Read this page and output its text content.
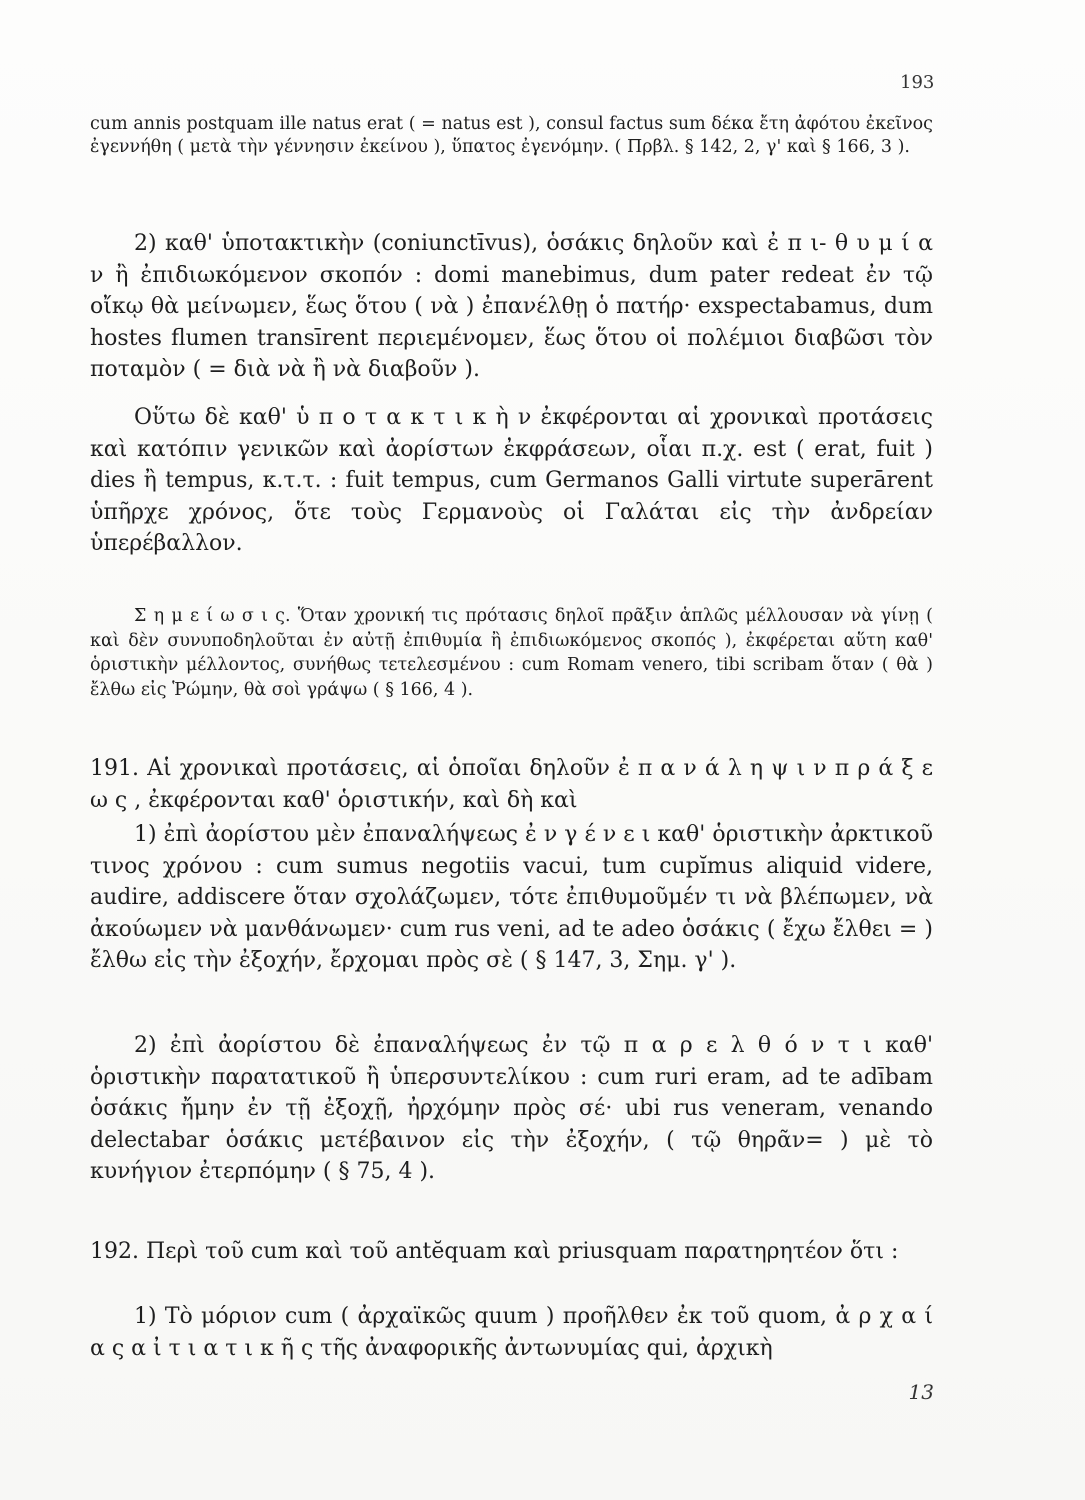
193

cum annis postquam ille natus erat ( = natus est ), consul factus sum δέκα ἔτη ἀφότου ἐκεῖνος ἐγεννήθη ( μετὰ τὴν γέννησιν ἐκείνου ), ὕπατος ἐγενόμην. ( Πρβλ. § 142, 2, γ' καὶ § 166, 3 ).

2) καθ' ὑποτακτικὴν (coniunctīvus), ὁσάκις δηλοῦν καὶ ἐ π ι- θ υ μ ί α ν ἢ ἐπιδιωκόμενον σκοπόν : domi manebimus, dum pater redeat ἐν τῷ οἴκῳ θὰ μείνωμεν, ἕως ὅτου ( νὰ ) ἐπανέλθῃ ὁ πατήρ· exspectabamus, dum hostes flumen transīrent περιεμένομεν, ἕως ὅτου οἱ πολέμιοι διαβῶσι τὸν ποταμὸν ( = διὰ νὰ ἢ νὰ διαβοῦν ).

Οὕτω δὲ καθ' ὑ π ο τ α κ τ ι κ ὴ ν ἐκφέρονται αἱ χρονικαὶ προτάσεις καὶ κατόπιν γενικῶν καὶ ἀορίστων ἐκφράσεων, οἷαι π.χ. est ( erat, fuit ) dies ἢ tempus, κ.τ.τ. : fuit tempus, cum Germanos Galli virtute superārent ὑπῆρχε χρόνος, ὅτε τοὺς Γερμανοὺς οἱ Γαλάται εἰς τὴν ἀνδρείαν ὑπερέβαλλον.

Σ η μ ε ί ω σ ι ς. Ὅταν χρονική τις πρότασις δηλοῖ πρᾶξιν ἁπλῶς μέλλουσαν νὰ γίνῃ ( καὶ δὲν συνυποδηλοῦται ἐν αὐτῇ ἐπιθυμία ἢ ἐπιδιωκόμενος σκοπός ), ἐκφέρεται αὕτη καθ' ὁριστικὴν μέλλοντος, συνήθως τετελεσμένου : cum Romam venero, tibi scribam ὅταν ( θὰ ) ἔλθω εἰς Ῥώμην, θὰ σοὶ γράψω ( § 166, 4 ).

191. Αἱ χρονικαὶ προτάσεις, αἱ ὁποῖαι δηλοῦν ἐ π α ν ά λ η ψ ι ν π ρ ά ξ ε ω ς , ἐκφέρονται καθ' ὁριστικήν, καὶ δὴ καὶ

1) ἐπὶ ἀορίστου μὲν ἐπαναλήψεως ἐ ν γ έ ν ε ι καθ' ὁριστικὴν ἀρκτικοῦ τινος χρόνου : cum sumus negotiis vacui, tum cupĭmus aliquid videre, audire, addiscere ὅταν σχολάζωμεν, τότε ἐπιθυμοῦμέν τι νὰ βλέπωμεν, νὰ ἀκούωμεν νὰ μανθάνωμεν· cum rus veni, ad te adeo ὁσάκις ( ἔχω ἔλθει = ) ἔλθω εἰς τὴν ἐξοχήν, ἔρχομαι πρὸς σὲ ( § 147, 3, Σημ. γ' ).

2) ἐπὶ ἀορίστου δὲ ἐπαναλήψεως ἐν τῷ π α ρ ε λ θ ό ν τ ι καθ' ὁριστικὴν παρατατικοῦ ἢ ὑπερσυντελίκου : cum ruri eram, ad te adībam ὁσάκις ἤμην ἐν τῇ ἐξοχῇ, ἠρχόμην πρὸς σέ· ubi rus veneram, venando delectabar ὁσάκις μετέβαινον εἰς τὴν ἐξοχήν, ( τῷ θηρᾶν= ) μὲ τὸ κυνήγιον ἐτερπόμην ( § 75, 4 ).

192. Περὶ τοῦ cum καὶ τοῦ antĕquam καὶ priusquam παρατηρητέον ὅτι :

1) Τὸ μόριον cum ( ἀρχαϊκῶς quum ) προῆλθεν ἐκ τοῦ quom, ἀ ρ χ α ί α ς α ἰ τ ι α τ ι κ ῆ ς τῆς ἀναφορικῆς ἀντωνυμίας qui, ἀρχικὴ

13
